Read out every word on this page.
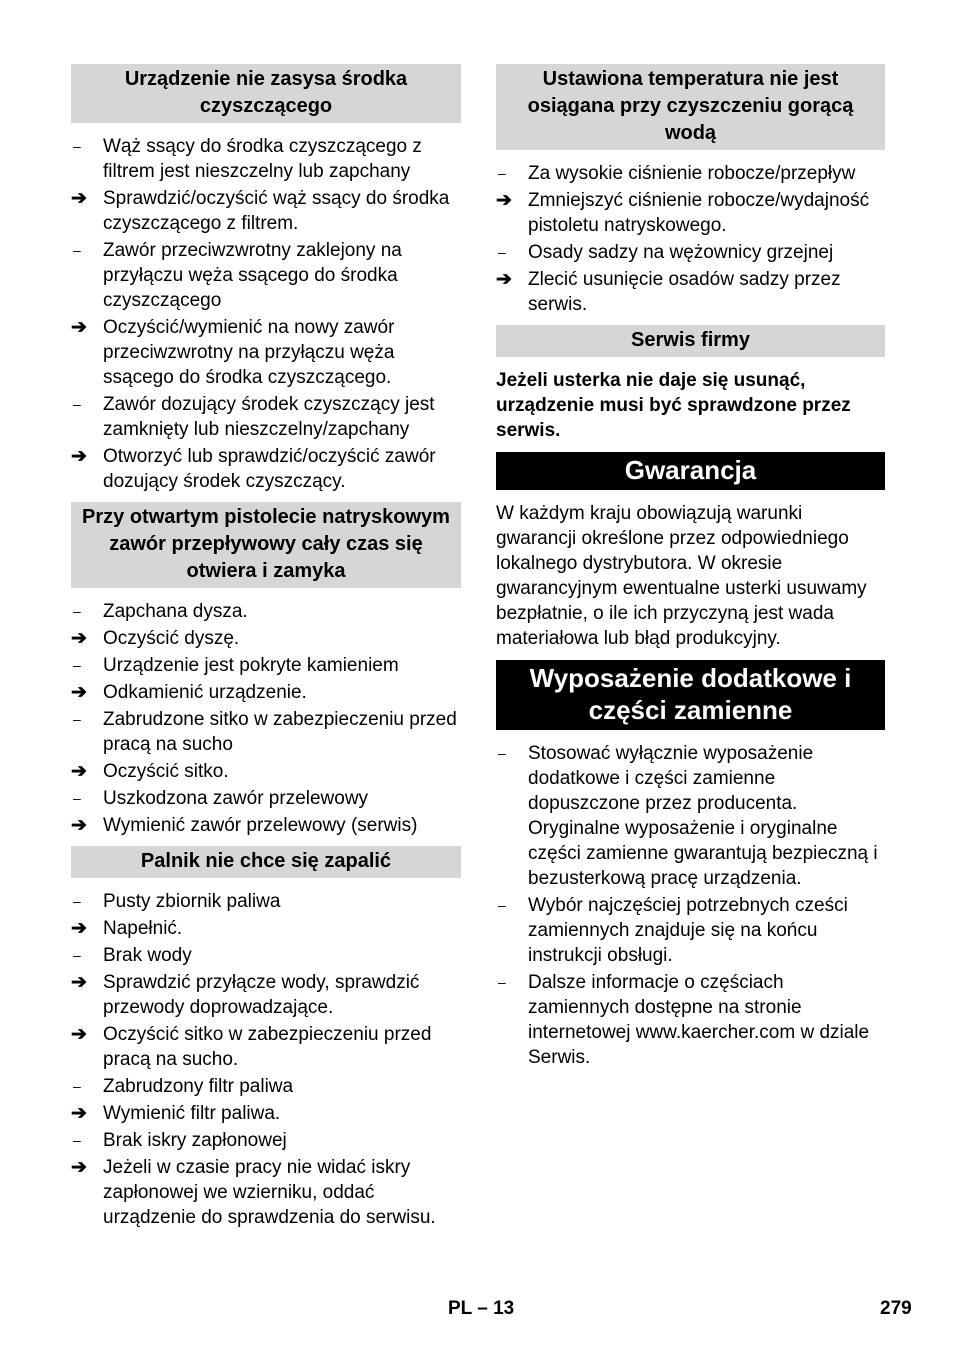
Urządzenie nie zasysa środka czyszczącego
–	Wąż ssący do środka czyszczącego z filtrem jest nieszczelny lub zapchany
➔ Sprawdzić/oczyścić wąż ssący do środka czyszczącego z filtrem.
–	Zawór przeciwzwrotny zaklejony na przyłączu węża ssącego do środka czyszczącego
➔ Oczyścić/wymienić na nowy zawór przeciwzwrotny na przyłączu węża ssącego do środka czyszczącego.
–	Zawór dozujący środek czyszczący jest zamknięty lub nieszczelny/zapchany
➔ Otworzyć lub sprawdzić/oczyścić zawór dozujący środek czyszczący.
Przy otwartym pistolecie natryskowym zawór przepływowy cały czas się otwiera i zamyka
–	Zapchana dysza.
➔ Oczyścić dyszę.
–	Urządzenie jest pokryte kamieniem
➔ Odkamienić urządzenie.
–	Zabrudzone sitko w zabezpieczeniu przed pracą na sucho
➔ Oczyścić sitko.
–	Uszkodzona zawór przelewowy
➔ Wymienić zawór przelewowy (serwis)
Palnik nie chce się zapalić
–	Pusty zbiornik paliwa
➔ Napełnić.
–	Brak wody
➔ Sprawdzić przyłącze wody, sprawdzić przewody doprowadzające.
➔ Oczyścić sitko w zabezpieczeniu przed pracą na sucho.
–	Zabrudzony filtr paliwa
➔ Wymienić filtr paliwa.
–	Brak iskry zapłonowej
➔ Jeżeli w czasie pracy nie widać iskry zapłonowej we wzierniku, oddać urządzenie do sprawdzenia do serwisu.
Ustawiona temperatura nie jest osiągana przy czyszczeniu gorącą wodą
–	Za wysokie ciśnienie robocze/przepływ
➔ Zmniejszyć ciśnienie robocze/wydajność pistoletu natryskowego.
–	Osady sadzy na wężownicy grzejnej
➔ Zlecić usunięcie osadów sadzy przez serwis.
Serwis firmy

Jeżeli usterka nie daje się usunąć, urządzenie musi być sprawdzone przez serwis.

Gwarancja

W każdym kraju obowiązują warunki gwarancji określone przez odpowiedniego lokalnego dystrybutora. W okresie gwarancyjnym ewentualne usterki usuwamy bezpłatnie, o ile ich przyczyną jest wada materiałowa lub błąd produkcyjny.

Wyposażenie dodatkowe i części zamienne
–	Stosować wyłącznie wyposażenie dodatkowe i części zamienne dopuszczone przez producenta. Oryginalne wyposażenie i oryginalne części zamienne gwarantują bezpieczną i bezusterkową pracę urządzenia.
–	Wybór najczęściej potrzebnych cześci zamiennych znajduje się na końcu instrukcji obsługi.
–	Dalsze informacje o częściach zamiennych dostępne na stronie internetowej www.kaercher.com w dziale Serwis.
PL – 13	279
